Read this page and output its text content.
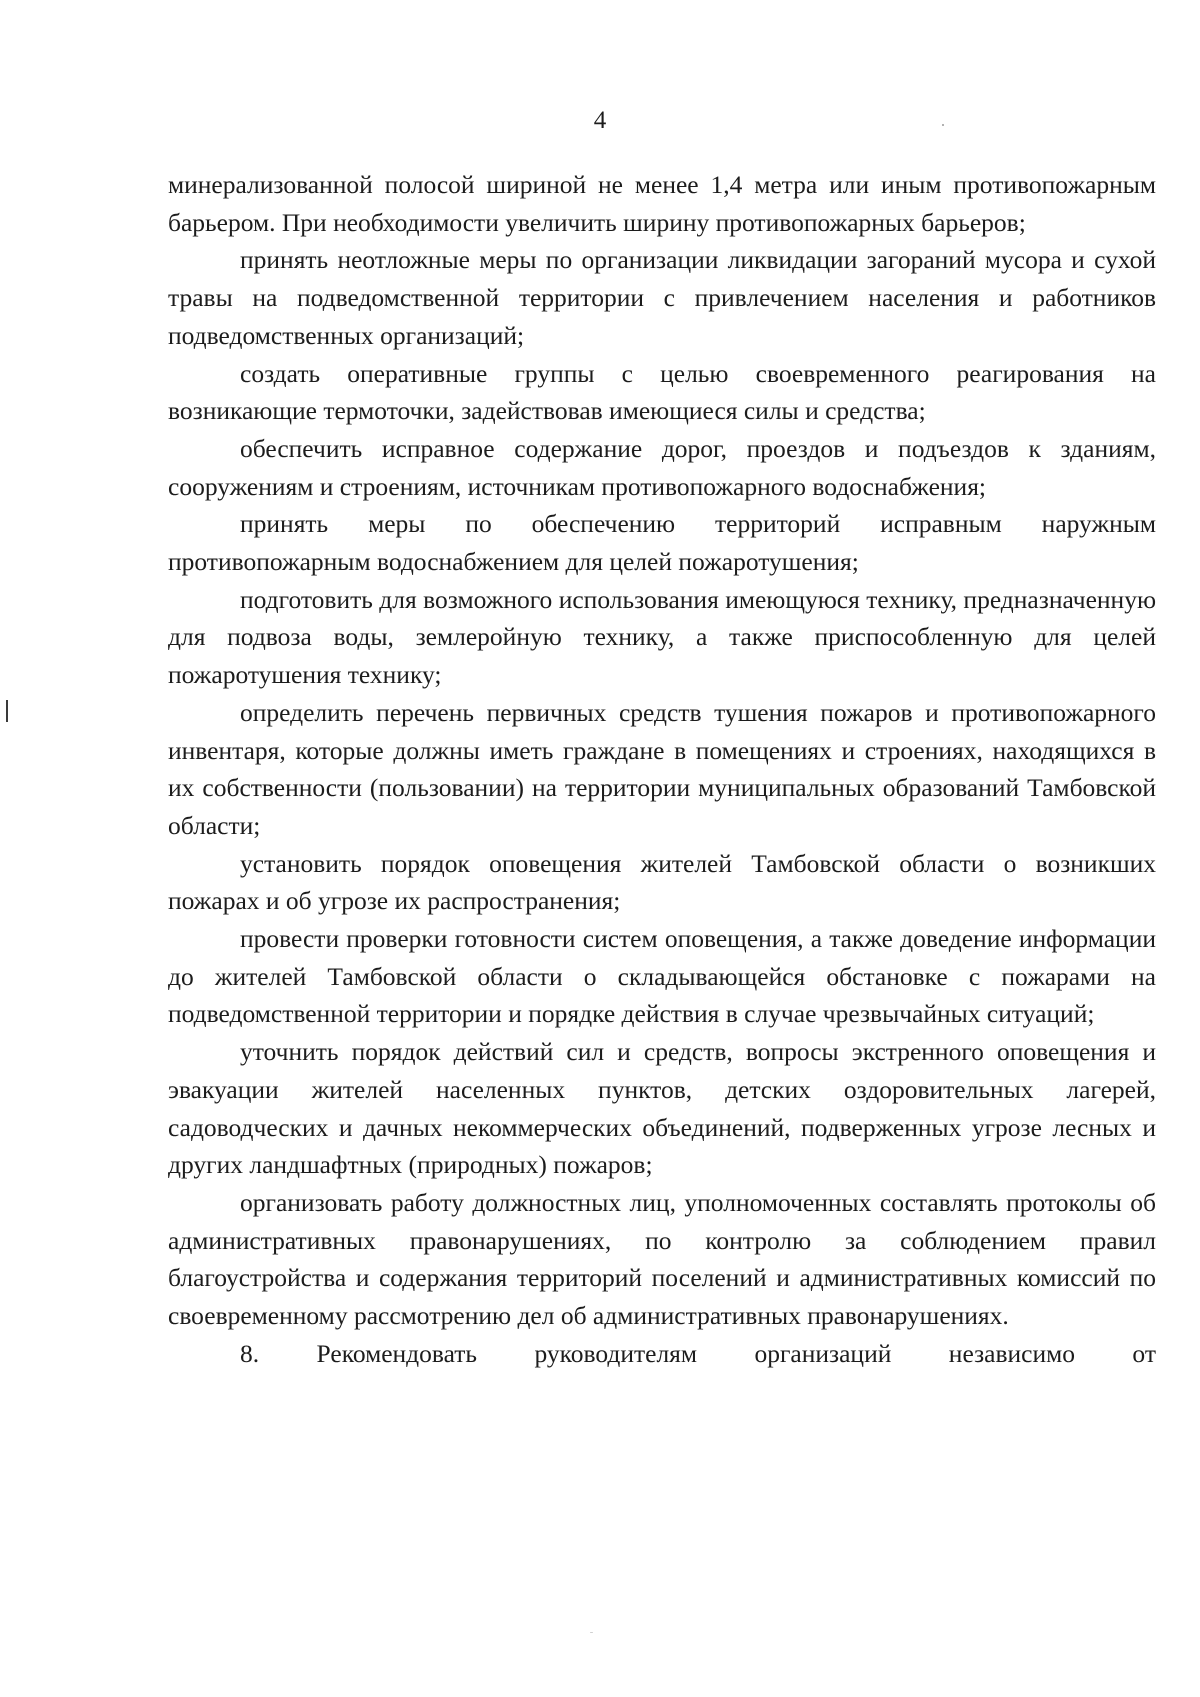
4

минерализованной полосой шириной не менее 1,4 метра или иным противопожарным барьером. При необходимости увеличить ширину противопожарных барьеров;

принять неотложные меры по организации ликвидации загораний мусора и сухой травы на подведомственной территории с привлечением населения и работников подведомственных организаций;

создать оперативные группы с целью своевременного реагирования на возникающие термоточки, задействовав имеющиеся силы и средства;

обеспечить исправное содержание дорог, проездов и подъездов к зданиям, сооружениям и строениям, источникам противопожарного водоснабжения;

принять меры по обеспечению территорий исправным наружным противопожарным водоснабжением для целей пожаротушения;

подготовить для возможного использования имеющуюся технику, предназначенную для подвоза воды, землеройную технику, а также приспособленную для целей пожаротушения технику;

определить перечень первичных средств тушения пожаров и противопожарного инвентаря, которые должны иметь граждане в помещениях и строениях, находящихся в их собственности (пользовании) на территории муниципальных образований Тамбовской области;

установить порядок оповещения жителей Тамбовской области о возникших пожарах и об угрозе их распространения;

провести проверки готовности систем оповещения, а также доведение информации до жителей Тамбовской области о складывающейся обстановке с пожарами на подведомственной территории и порядке действия в случае чрезвычайных ситуаций;

уточнить порядок действий сил и средств, вопросы экстренного оповещения и эвакуации жителей населенных пунктов, детских оздоровительных лагерей, садоводческих и дачных некоммерческих объединений, подверженных угрозе лесных и других ландшафтных (природных) пожаров;

организовать работу должностных лиц, уполномоченных составлять протоколы об административных правонарушениях, по контролю за соблюдением правил благоустройства и содержания территорий поселений и административных комиссий по своевременному рассмотрению дел об административных правонарушениях.

8. Рекомендовать руководителям организаций независимо от
